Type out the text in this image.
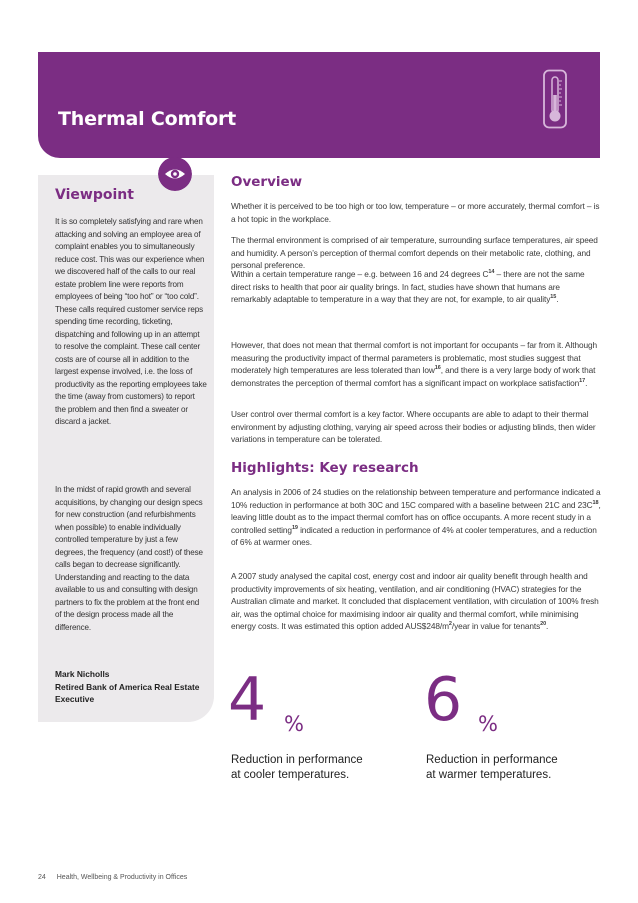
Thermal Comfort
Viewpoint

It is so completely satisfying and rare when attacking and solving an employee area of complaint enables you to simultaneously reduce cost. This was our experience when we discovered half of the calls to our real estate problem line were reports from employees of being “too hot” or “too cold”. These calls required customer service reps spending time recording, ticketing, dispatching and following up in an attempt to resolve the complaint. These call center costs are of course all in addition to the largest expense involved, i.e. the loss of productivity as the reporting employees take the time (away from customers) to report the problem and then find a sweater or discard a jacket.

In the midst of rapid growth and several acquisitions, by changing our design specs for new construction (and refurbishments when possible) to enable individually controlled temperature by just a few degrees, the frequency (and cost!) of these calls began to decrease significantly. Understanding and reacting to the data available to us and consulting with design partners to fix the problem at the front end of the design process made all the difference.

Mark Nicholls
Retired Bank of America Real Estate Executive
Overview

Whether it is perceived to be too high or too low, temperature – or more accurately, thermal comfort – is a hot topic in the workplace.

The thermal environment is comprised of air temperature, surrounding surface temperatures, air speed and humidity. A person’s perception of thermal comfort depends on their metabolic rate, clothing, and personal preference.

Within a certain temperature range – e.g. between 16 and 24 degrees $C^{14}$ – there are not the same direct risks to health that poor air quality brings. In fact, studies have shown that humans are remarkably adaptable to temperature in a way that they are not, for example, to air quality$^{15}$.

However, that does not mean that thermal comfort is not important for occupants – far from it. Although measuring the productivity impact of thermal parameters is problematic, most studies suggest that moderately high temperatures are less tolerated than low$^{16}$, and there is a very large body of work that demonstrates the perception of thermal comfort has a significant impact on workplace satisfaction$^{17}$.

User control over thermal comfort is a key factor. Where occupants are able to adapt to their thermal environment by adjusting clothing, varying air speed across their bodies or adjusting blinds, then wider variations in temperature can be tolerated.

Highlights: Key research

An analysis in 2006 of 24 studies on the relationship between temperature and performance indicated a 10% reduction in performance at both 30C and 15C compared with a baseline between 21C and $23C^{18}$, leaving little doubt as to the impact thermal comfort has on office occupants. A more recent study in a controlled setting$^{19}$ indicated a reduction in performance of 4% at cooler temperatures, and a reduction of 6% at warmer ones.

A 2007 study analysed the capital cost, energy cost and indoor air quality benefit through health and productivity improvements of six heating, ventilation, and air conditioning (HVAC) strategies for the Australian climate and market. It concluded that displacement ventilation, with circulation of 100% fresh air, was the optimal choice for maximising indoor air quality and thermal comfort, while minimising energy costs. It was estimated this option added $AUS\$248/m^2$/year in value for tenants$^{20}$.

4 %
Reduction in performance
at cooler temperatures.
6 %
Reduction in performance
at warmer temperatures.
24 Health, Wellbeing & Productivity in Offices
